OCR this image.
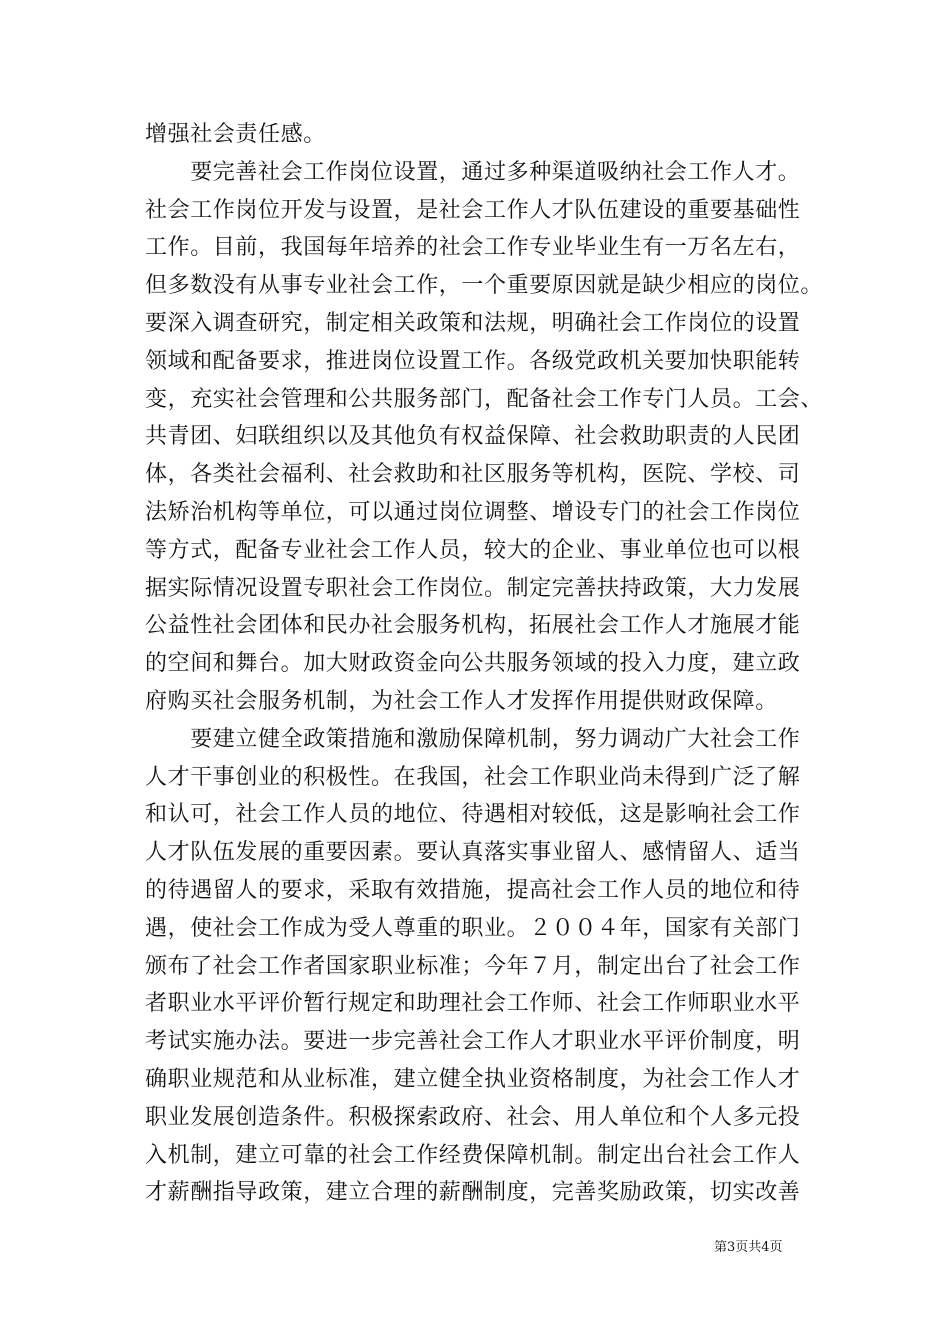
增强社会责任感。
　　要完善社会工作岗位设置，通过多种渠道吸纳社会工作人才。
社会工作岗位开发与设置，是社会工作人才队伍建设的重要基础性
工作。目前，我国每年培养的社会工作专业毕业生有一万名左右，
但多数没有从事专业社会工作，一个重要原因就是缺少相应的岗位。
要深入调查研究，制定相关政策和法规，明确社会工作岗位的设置
领域和配备要求，推进岗位设置工作。各级党政机关要加快职能转
变，充实社会管理和公共服务部门，配备社会工作专门人员。工会、
共青团、妇联组织以及其他负有权益保障、社会救助职责的人民团
体，各类社会福利、社会救助和社区服务等机构，医院、学校、司
法矫治机构等单位，可以通过岗位调整、增设专门的社会工作岗位
等方式，配备专业社会工作人员，较大的企业、事业单位也可以根
据实际情况设置专职社会工作岗位。制定完善扶持政策，大力发展
公益性社会团体和民办社会服务机构，拓展社会工作人才施展才能
的空间和舞台。加大财政资金向公共服务领域的投入力度，建立政
府购买社会服务机制，为社会工作人才发挥作用提供财政保障。
　　要建立健全政策措施和激励保障机制，努力调动广大社会工作
人才干事创业的积极性。在我国，社会工作职业尚未得到广泛了解
和认可，社会工作人员的地位、待遇相对较低，这是影响社会工作
人才队伍发展的重要因素。要认真落实事业留人、感情留人、适当
的待遇留人的要求，采取有效措施，提高社会工作人员的地位和待
遇，使社会工作成为受人尊重的职业。２００４年，国家有关部门
颁布了社会工作者国家职业标准；今年７月，制定出台了社会工作
者职业水平评价暂行规定和助理社会工作师、社会工作师职业水平
考试实施办法。要进一步完善社会工作人才职业水平评价制度，明
确职业规范和从业标准，建立健全执业资格制度，为社会工作人才
职业发展创造条件。积极探索政府、社会、用人单位和个人多元投
入机制，建立可靠的社会工作经费保障机制。制定出台社会工作人
才薪酬指导政策，建立合理的薪酬制度，完善奖励政策，切实改善
第3页共4页
